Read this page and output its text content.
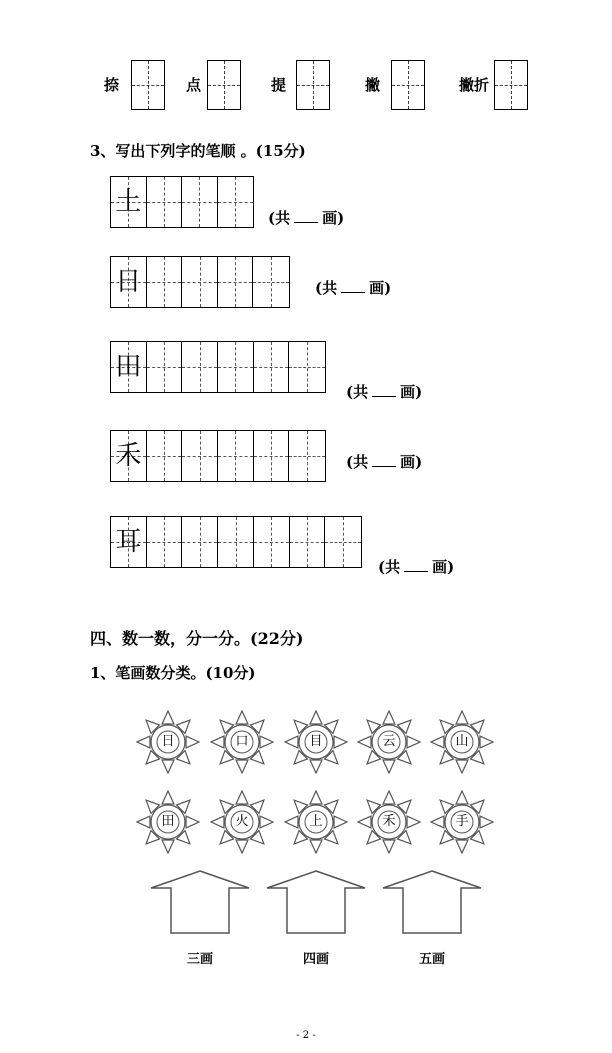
捺	点	提	撇	撇折
3、写出下列字的笔顺 。(15分)
土
(共 画)
日	(共 画)
田
(共 画)
禾	(共 画)
耳
(共 画)
四、数一数，分一分。(22分)
1、笔画数分类。(10分)
日	口	目	云	山
田	火	上	禾	手
三画	四画	五画
- 2 -
